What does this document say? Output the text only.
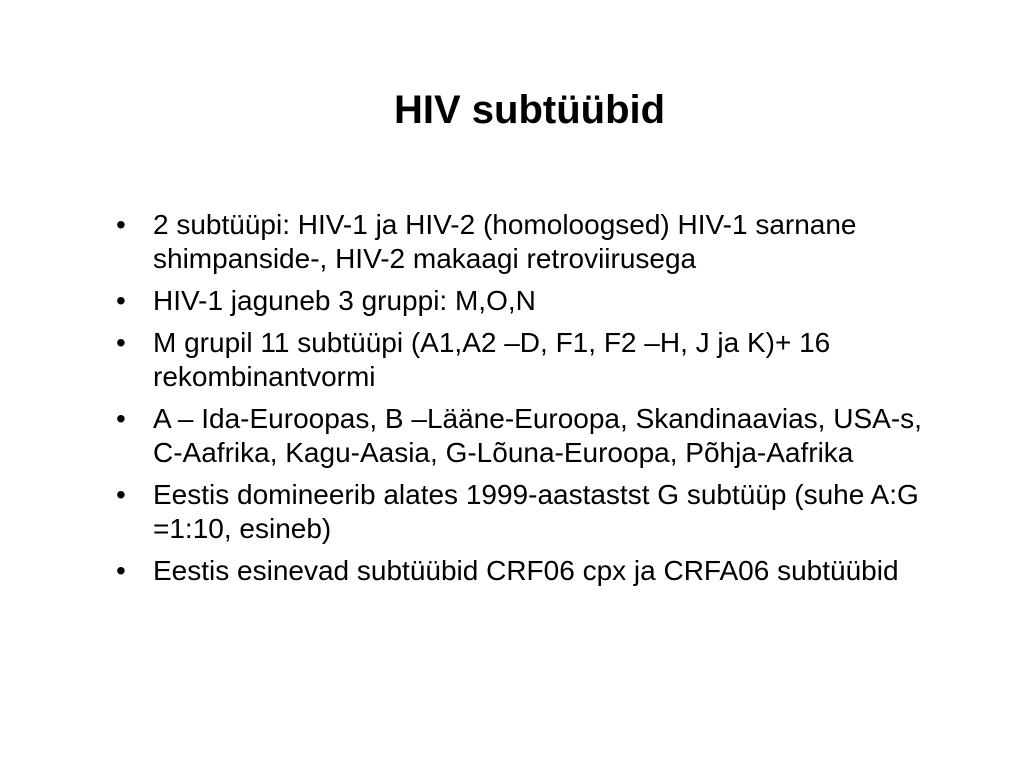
HIV subtüübid
• 2 subtüüpi: HIV-1 ja HIV-2 (homoloogsed) HIV-1 sarnane shimpanside-, HIV-2 makaagi retroviirusega
• HIV-1 jaguneb 3 gruppi: M,O,N
• M grupil 11 subtüüpi (A1,A2 –D, F1, F2 –H, J ja K)+ 16 rekombinantvormi
• A – Ida-Euroopas, B –Lääne-Euroopa, Skandinaavias, USA-s, C-Aafrika, Kagu-Aasia, G-Lõuna-Euroopa, Põhja-Aafrika
• Eestis domineerib alates 1999-aastastst G subtüüp (suhe A:G =1:10, esineb)
• Eestis esinevad subtüübid CRF06 cpx ja CRFA06 subtüübid
